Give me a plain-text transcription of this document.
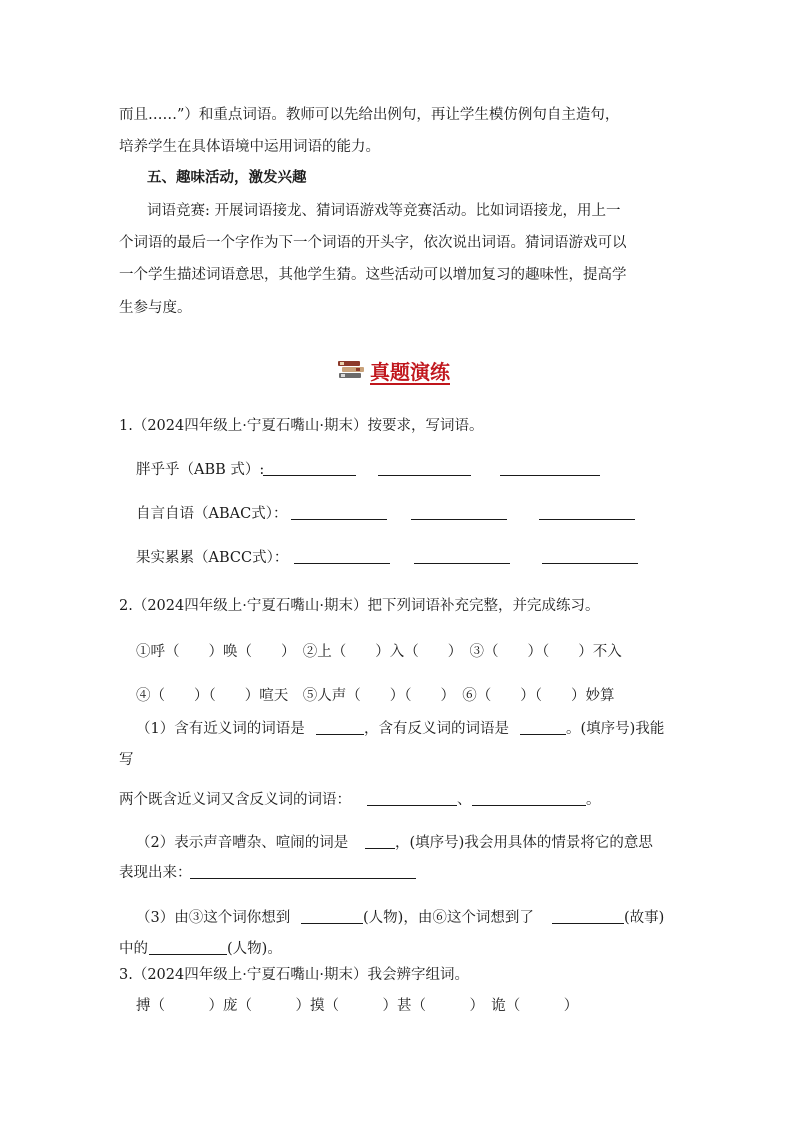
而且……”）和重点词语。教师可以先给出例句，再让学生模仿例句自主造句，
培养学生在具体语境中运用词语的能力。
五、趣味活动，激发兴趣
词语竞赛: 开展词语接龙、猜词语游戏等竞赛活动。比如词语接龙，用上一
个词语的最后一个字作为下一个词语的开头字，依次说出词语。猜词语游戏可以
一个学生描述词语意思，其他学生猜。这些活动可以增加复习的趣味性，提高学
生参与度。
真题演练
1.（2024四年级上·宁夏石嘴山·期末）按要求，写词语。
胖乎乎（ABB 式）:
自言自语（ABAC式）：
果实累累（ABCC式）：
2.（2024四年级上·宁夏石嘴山·期末）把下列词语补充完整，并完成练习。
①呼（　　）唤（　　）　②上（　　）入（　　）　③（　　）（　　）不入
④（　　）（　　）喧天　⑤人声（　　）（　　）　⑥（　　）（　　）妙算
（1）含有近义词的词语是	，含有反义词的词语是	。(填序号)我能
写
两个既含近义词又含反义词的词语：	、	。
（2）表示声音嘈杂、喧闹的词是	，(填序号)我会用具体的情景将它的意思
表现出来：
（3）由③这个词你想到	(人物)，由⑥这个词想到了	(故事)
中的	(人物)。
3.（2024四年级上·宁夏石嘴山·期末）我会辨字组词。
搏（　　　）庞（　　　）摸（　　　）甚（　　　）　诡（　　　）
